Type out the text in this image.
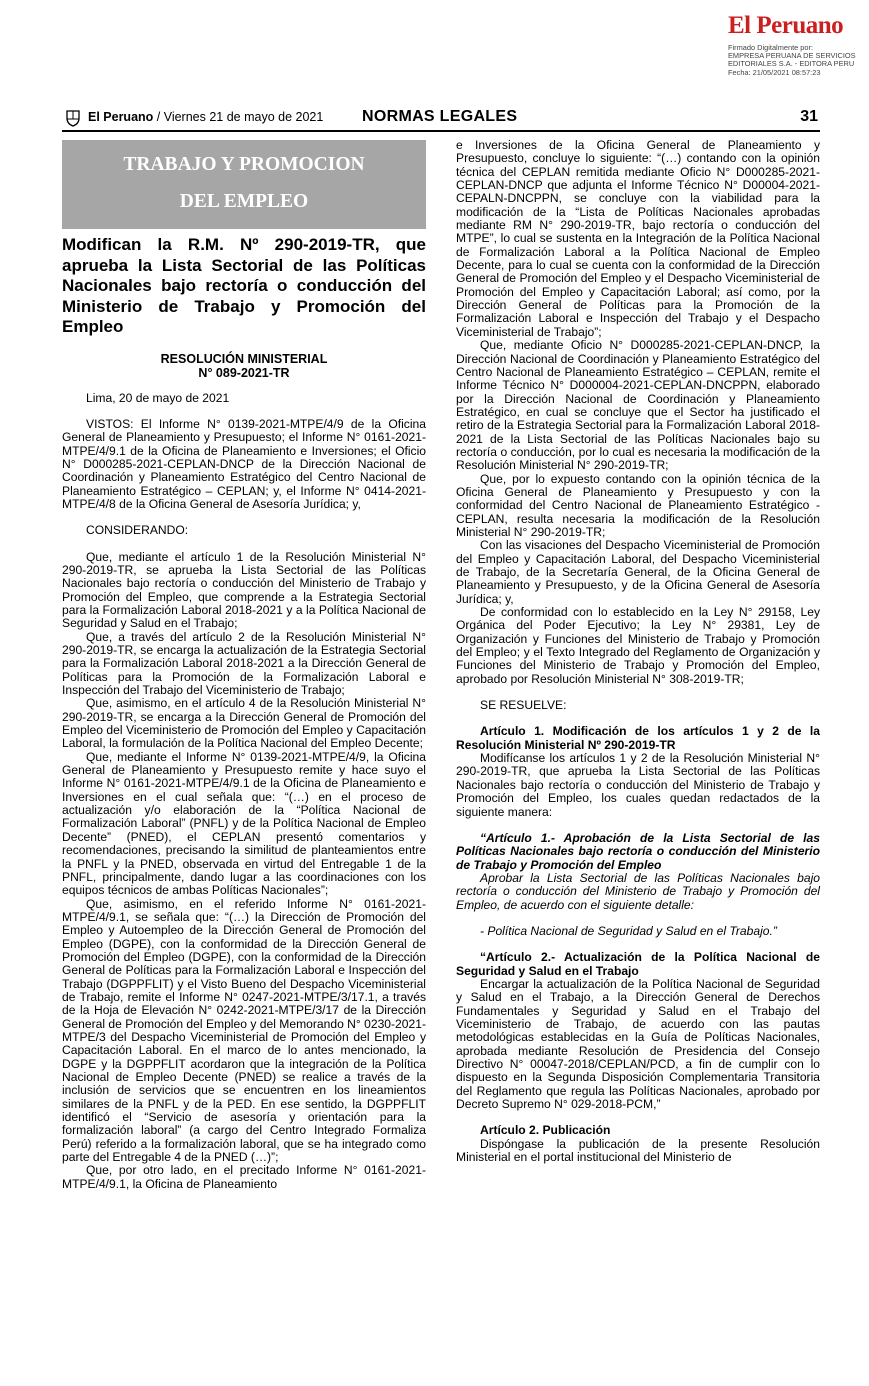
El Peruano
Firmado Digitalmente por:
EMPRESA PERUANA DE SERVICIOS
EDITORIALES S.A. - EDITORA PERU
Fecha: 21/05/2021 08:57:23
El Peruano / Viernes 21 de mayo de 2021 NORMAS LEGALES	31
TRABAJO Y PROMOCION
DEL EMPLEO
Modifican la R.M. Nº 290-2019-TR, que aprueba la Lista Sectorial de las Políticas Nacionales bajo rectoría o conducción del Ministerio de Trabajo y Promoción del Empleo
RESOLUCIÓN MINISTERIAL
N° 089-2021-TR

Lima, 20 de mayo de 2021

VISTOS: El Informe N° 0139-2021-MTPE/4/9 de la Oficina General de Planeamiento y Presupuesto; el Informe N° 0161-2021-MTPE/4/9.1 de la Oficina de Planeamiento e Inversiones; el Oficio N° D000285-2021-CEPLAN-DNCP de la Dirección Nacional de Coordinación y Planeamiento Estratégico del Centro Nacional de Planeamiento Estratégico – CEPLAN; y, el Informe N° 0414-2021-MTPE/4/8 de la Oficina General de Asesoría Jurídica; y,

CONSIDERANDO:

Que, mediante el artículo 1 de la Resolución Ministerial N° 290-2019-TR, se aprueba la Lista Sectorial de las Políticas Nacionales bajo rectoría o conducción del Ministerio de Trabajo y Promoción del Empleo, que comprende a la Estrategia Sectorial para la Formalización Laboral 2018-2021 y a la Política Nacional de Seguridad y Salud en el Trabajo;

Que, a través del artículo 2 de la Resolución Ministerial N° 290-2019-TR, se encarga la actualización de la Estrategia Sectorial para la Formalización Laboral 2018-2021 a la Dirección General de Políticas para la Promoción de la Formalización Laboral e Inspección del Trabajo del Viceministerio de Trabajo;

Que, asimismo, en el artículo 4 de la Resolución Ministerial N° 290-2019-TR, se encarga a la Dirección General de Promoción del Empleo del Viceministerio de Promoción del Empleo y Capacitación Laboral, la formulación de la Política Nacional del Empleo Decente;

Que, mediante el Informe N° 0139-2021-MTPE/4/9, la Oficina General de Planeamiento y Presupuesto remite y hace suyo el Informe N° 0161-2021-MTPE/4/9.1 de la Oficina de Planeamiento e Inversiones en el cual señala que: “(…) en el proceso de actualización y/o elaboración de la “Política Nacional de Formalización Laboral” (PNFL) y de la Política Nacional de Empleo Decente” (PNED), el CEPLAN presentó comentarios y recomendaciones, precisando la similitud de planteamientos entre la PNFL y la PNED, observada en virtud del Entregable 1 de la PNFL, principalmente, dando lugar a las coordinaciones con los equipos técnicos de ambas Políticas Nacionales”;

Que, asimismo, en el referido Informe N° 0161-2021-MTPE/4/9.1, se señala que: “(…) la Dirección de Promoción del Empleo y Autoempleo de la Dirección General de Promoción del Empleo (DGPE), con la conformidad de la Dirección General de Promoción del Empleo (DGPE), con la conformidad de la Dirección General de Políticas para la Formalización Laboral e Inspección del Trabajo (DGPPFLIT) y el Visto Bueno del Despacho Viceministerial de Trabajo, remite el Informe N° 0247-2021-MTPE/3/17.1, a través de la Hoja de Elevación N° 0242-2021-MTPE/3/17 de la Dirección General de Promoción del Empleo y del Memorando N° 0230-2021-MTPE/3 del Despacho Viceministerial de Promoción del Empleo y Capacitación Laboral. En el marco de lo antes mencionado, la DGPE y la DGPPFLIT acordaron que la integración de la Política Nacional de Empleo Decente (PNED) se realice a través de la inclusión de servicios que se encuentren en los lineamientos similares de la PNFL y de la PED. En ese sentido, la DGPPFLIT identificó el “Servicio de asesoría y orientación para la formalización laboral” (a cargo del Centro Integrado Formaliza Perú) referido a la formalización laboral, que se ha integrado como parte del Entregable 4 de la PNED (…)”;

Que, por otro lado, en el precitado Informe N° 0161-2021-MTPE/4/9.1, la Oficina de Planeamiento

e Inversiones de la Oficina General de Planeamiento y Presupuesto, concluye lo siguiente: “(…) contando con la opinión técnica del CEPLAN remitida mediante Oficio N° D000285-2021-CEPLAN-DNCP que adjunta el Informe Técnico N° D00004-2021-CEPALN-DNCPPN, se concluye con la viabilidad para la modificación de la “Lista de Políticas Nacionales aprobadas mediante RM N° 290-2019-TR, bajo rectoría o conducción del MTPE”, lo cual se sustenta en la Integración de la Política Nacional de Formalización Laboral a la Política Nacional de Empleo Decente, para lo cual se cuenta con la conformidad de la Dirección General de Promoción del Empleo y el Despacho Viceministerial de Promoción del Empleo y Capacitación Laboral; así como, por la Dirección General de Políticas para la Promoción de la Formalización Laboral e Inspección del Trabajo y el Despacho Viceministerial de Trabajo”;

Que, mediante Oficio N° D000285-2021-CEPLAN-DNCP, la Dirección Nacional de Coordinación y Planeamiento Estratégico del Centro Nacional de Planeamiento Estratégico – CEPLAN, remite el Informe Técnico N° D000004-2021-CEPLAN-DNCPPN, elaborado por la Dirección Nacional de Coordinación y Planeamiento Estratégico, en cual se concluye que el Sector ha justificado el retiro de la Estrategia Sectorial para la Formalización Laboral 2018-2021 de la Lista Sectorial de las Políticas Nacionales bajo su rectoría o conducción, por lo cual es necesaria la modificación de la Resolución Ministerial N° 290-2019-TR;

Que, por lo expuesto contando con la opinión técnica de la Oficina General de Planeamiento y Presupuesto y con la conformidad del Centro Nacional de Planeamiento Estratégico - CEPLAN, resulta necesaria la modificación de la Resolución Ministerial N° 290-2019-TR;

Con las visaciones del Despacho Viceministerial de Promoción del Empleo y Capacitación Laboral, del Despacho Viceministerial de Trabajo, de la Secretaría General, de la Oficina General de Planeamiento y Presupuesto, y de la Oficina General de Asesoría Jurídica; y,

De conformidad con lo establecido en la Ley N° 29158, Ley Orgánica del Poder Ejecutivo; la Ley N° 29381, Ley de Organización y Funciones del Ministerio de Trabajo y Promoción del Empleo; y el Texto Integrado del Reglamento de Organización y Funciones del Ministerio de Trabajo y Promoción del Empleo, aprobado por Resolución Ministerial N° 308-2019-TR;

SE RESUELVE:

Artículo 1. Modificación de los artículos 1 y 2 de la Resolución Ministerial Nº 290-2019-TR

Modifícanse los artículos 1 y 2 de la Resolución Ministerial N° 290-2019-TR, que aprueba la Lista Sectorial de las Políticas Nacionales bajo rectoría o conducción del Ministerio de Trabajo y Promoción del Empleo, los cuales quedan redactados de la siguiente manera:

“Artículo 1.- Aprobación de la Lista Sectorial de las Políticas Nacionales bajo rectoría o conducción del Ministerio de Trabajo y Promoción del Empleo

Aprobar la Lista Sectorial de las Políticas Nacionales bajo rectoría o conducción del Ministerio de Trabajo y Promoción del Empleo, de acuerdo con el siguiente detalle:

- Política Nacional de Seguridad y Salud en el Trabajo.”

“Artículo 2.- Actualización de la Política Nacional de Seguridad y Salud en el Trabajo

Encargar la actualización de la Política Nacional de Seguridad y Salud en el Trabajo, a la Dirección General de Derechos Fundamentales y Seguridad y Salud en el Trabajo del Viceministerio de Trabajo, de acuerdo con las pautas metodológicas establecidas en la Guía de Políticas Nacionales, aprobada mediante Resolución de Presidencia del Consejo Directivo N° 00047-2018/CEPLAN/PCD, a fin de cumplir con lo dispuesto en la Segunda Disposición Complementaria Transitoria del Reglamento que regula las Políticas Nacionales, aprobado por Decreto Supremo N° 029-2018-PCM,”

Artículo 2. Publicación

Dispóngase la publicación de la presente Resolución Ministerial en el portal institucional del Ministerio de
